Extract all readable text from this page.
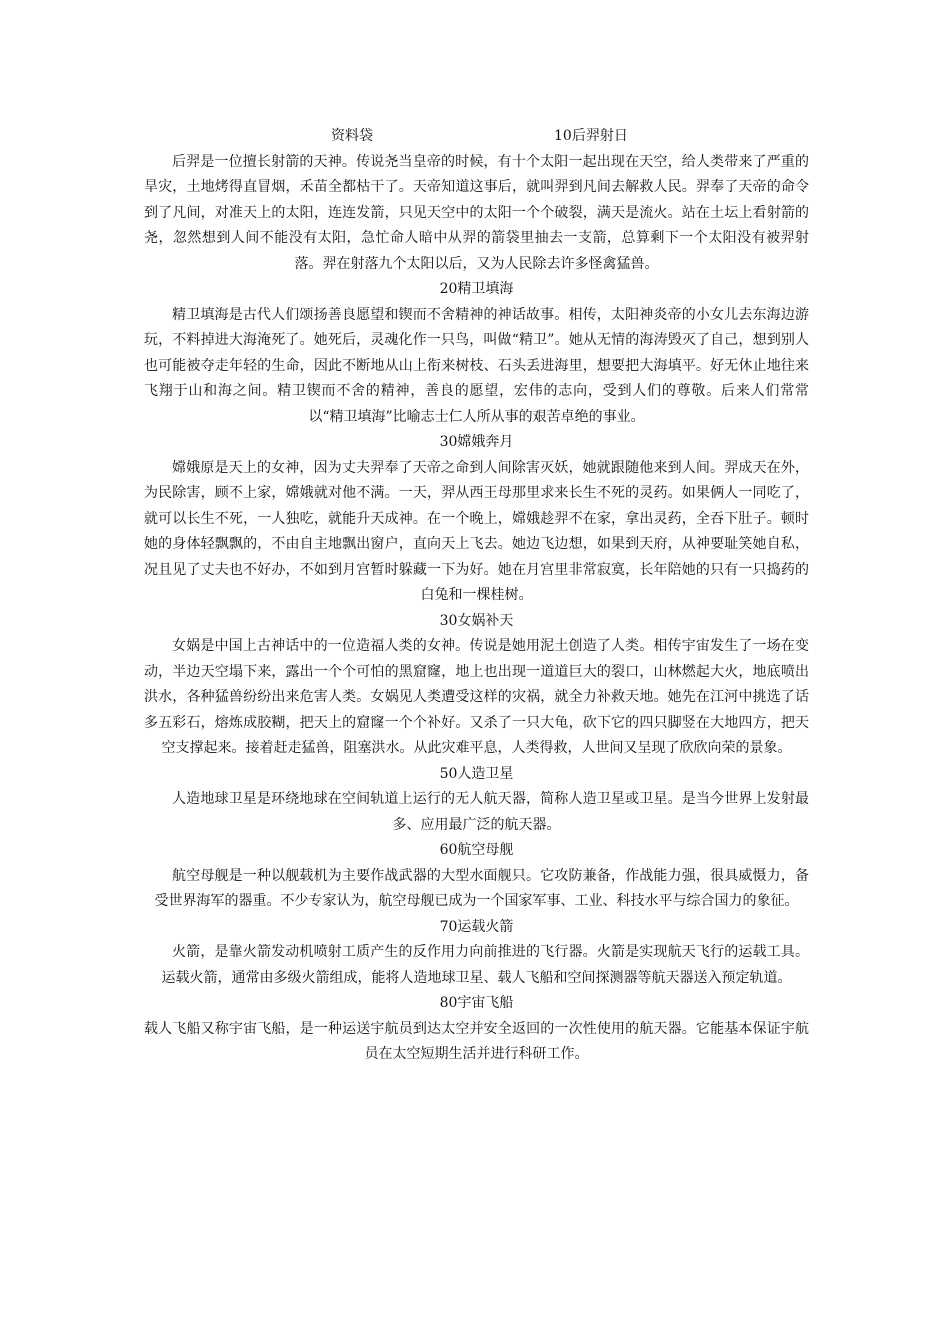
资料袋	10后羿射日

后羿是一位擅长射箭的天神。传说尧当皇帝的时候，有十个太阳一起出现在天空，给人类带来了严重的旱灾，土地烤得直冒烟，禾苗全都枯干了。天帝知道这事后，就叫羿到凡间去解救人民。羿奉了天帝的命令到了凡间，对准天上的太阳，连连发箭，只见天空中的太阳一个个破裂，满天是流火。站在土坛上看射箭的尧，忽然想到人间不能没有太阳，急忙命人暗中从羿的箭袋里抽去一支箭，总算剩下一个太阳没有被羿射落。羿在射落九个太阳以后，又为人民除去许多怪禽猛兽。

20精卫填海

精卫填海是古代人们颂扬善良愿望和锲而不舍精神的神话故事。相传，太阳神炎帝的小女儿去东海边游玩，不料掉进大海淹死了。她死后，灵魂化作一只鸟，叫做“精卫”。她从无情的海涛毁灭了自己，想到别人也可能被夺走年轻的生命，因此不断地从山上衔来树枝、石头丢进海里，想要把大海填平。好无休止地往来飞翔于山和海之间。精卫锲而不舍的精神，善良的愿望，宏伟的志向，受到人们的尊敬。后来人们常常以“精卫填海”比喻志士仁人所从事的艰苦卓绝的事业。

30嫦娥奔月

嫦娥原是天上的女神，因为丈夫羿奉了天帝之命到人间除害灭妖，她就跟随他来到人间。羿成天在外，为民除害，顾不上家，嫦娥就对他不满。一天，羿从西王母那里求来长生不死的灵药。如果俩人一同吃了，就可以长生不死，一人独吃，就能升天成神。在一个晚上，嫦娥趁羿不在家，拿出灵药，全吞下肚子。顿时她的身体轻飘飘的，不由自主地飘出窗户，直向天上飞去。她边飞边想，如果到天府，从神要耻笑她自私，况且见了丈夫也不好办，不如到月宫暂时躲藏一下为好。她在月宫里非常寂寞，长年陪她的只有一只捣药的白兔和一棵桂树。

30女娲补天

女娲是中国上古神话中的一位造福人类的女神。传说是她用泥土创造了人类。相传宇宙发生了一场在变动，半边天空塌下来，露出一个个可怕的黑窟窿，地上也出现一道道巨大的裂口，山林燃起大火，地底喷出洪水，各种猛兽纷纷出来危害人类。女娲见人类遭受这样的灾祸，就全力补救天地。她先在江河中挑选了话多五彩石，熔炼成胶糊，把天上的窟窿一个个补好。又杀了一只大龟，砍下它的四只脚竖在大地四方，把天空支撑起来。接着赶走猛兽，阻塞洪水。从此灾难平息，人类得救，人世间又呈现了欣欣向荣的景象。

50人造卫星

人造地球卫星是环绕地球在空间轨道上运行的无人航天器，简称人造卫星或卫星。是当今世界上发射最多、应用最广泛的航天器。

60航空母舰

航空母舰是一种以舰载机为主要作战武器的大型水面舰只。它攻防兼备，作战能力强，很具威慑力，备受世界海军的器重。不少专家认为，航空母舰已成为一个国家军事、工业、科技水平与综合国力的象征。

70运载火箭

火箭，是靠火箭发动机喷射工质产生的反作用力向前推进的飞行器。火箭是实现航天飞行的运载工具。运载火箭，通常由多级火箭组成，能将人造地球卫星、载人飞船和空间探测器等航天器送入预定轨道。

80宇宙飞船

载人飞船又称宇宙飞船，是一种运送宇航员到达太空并安全返回的一次性使用的航天器。它能基本保证宇航员在太空短期生活并进行科研工作。
